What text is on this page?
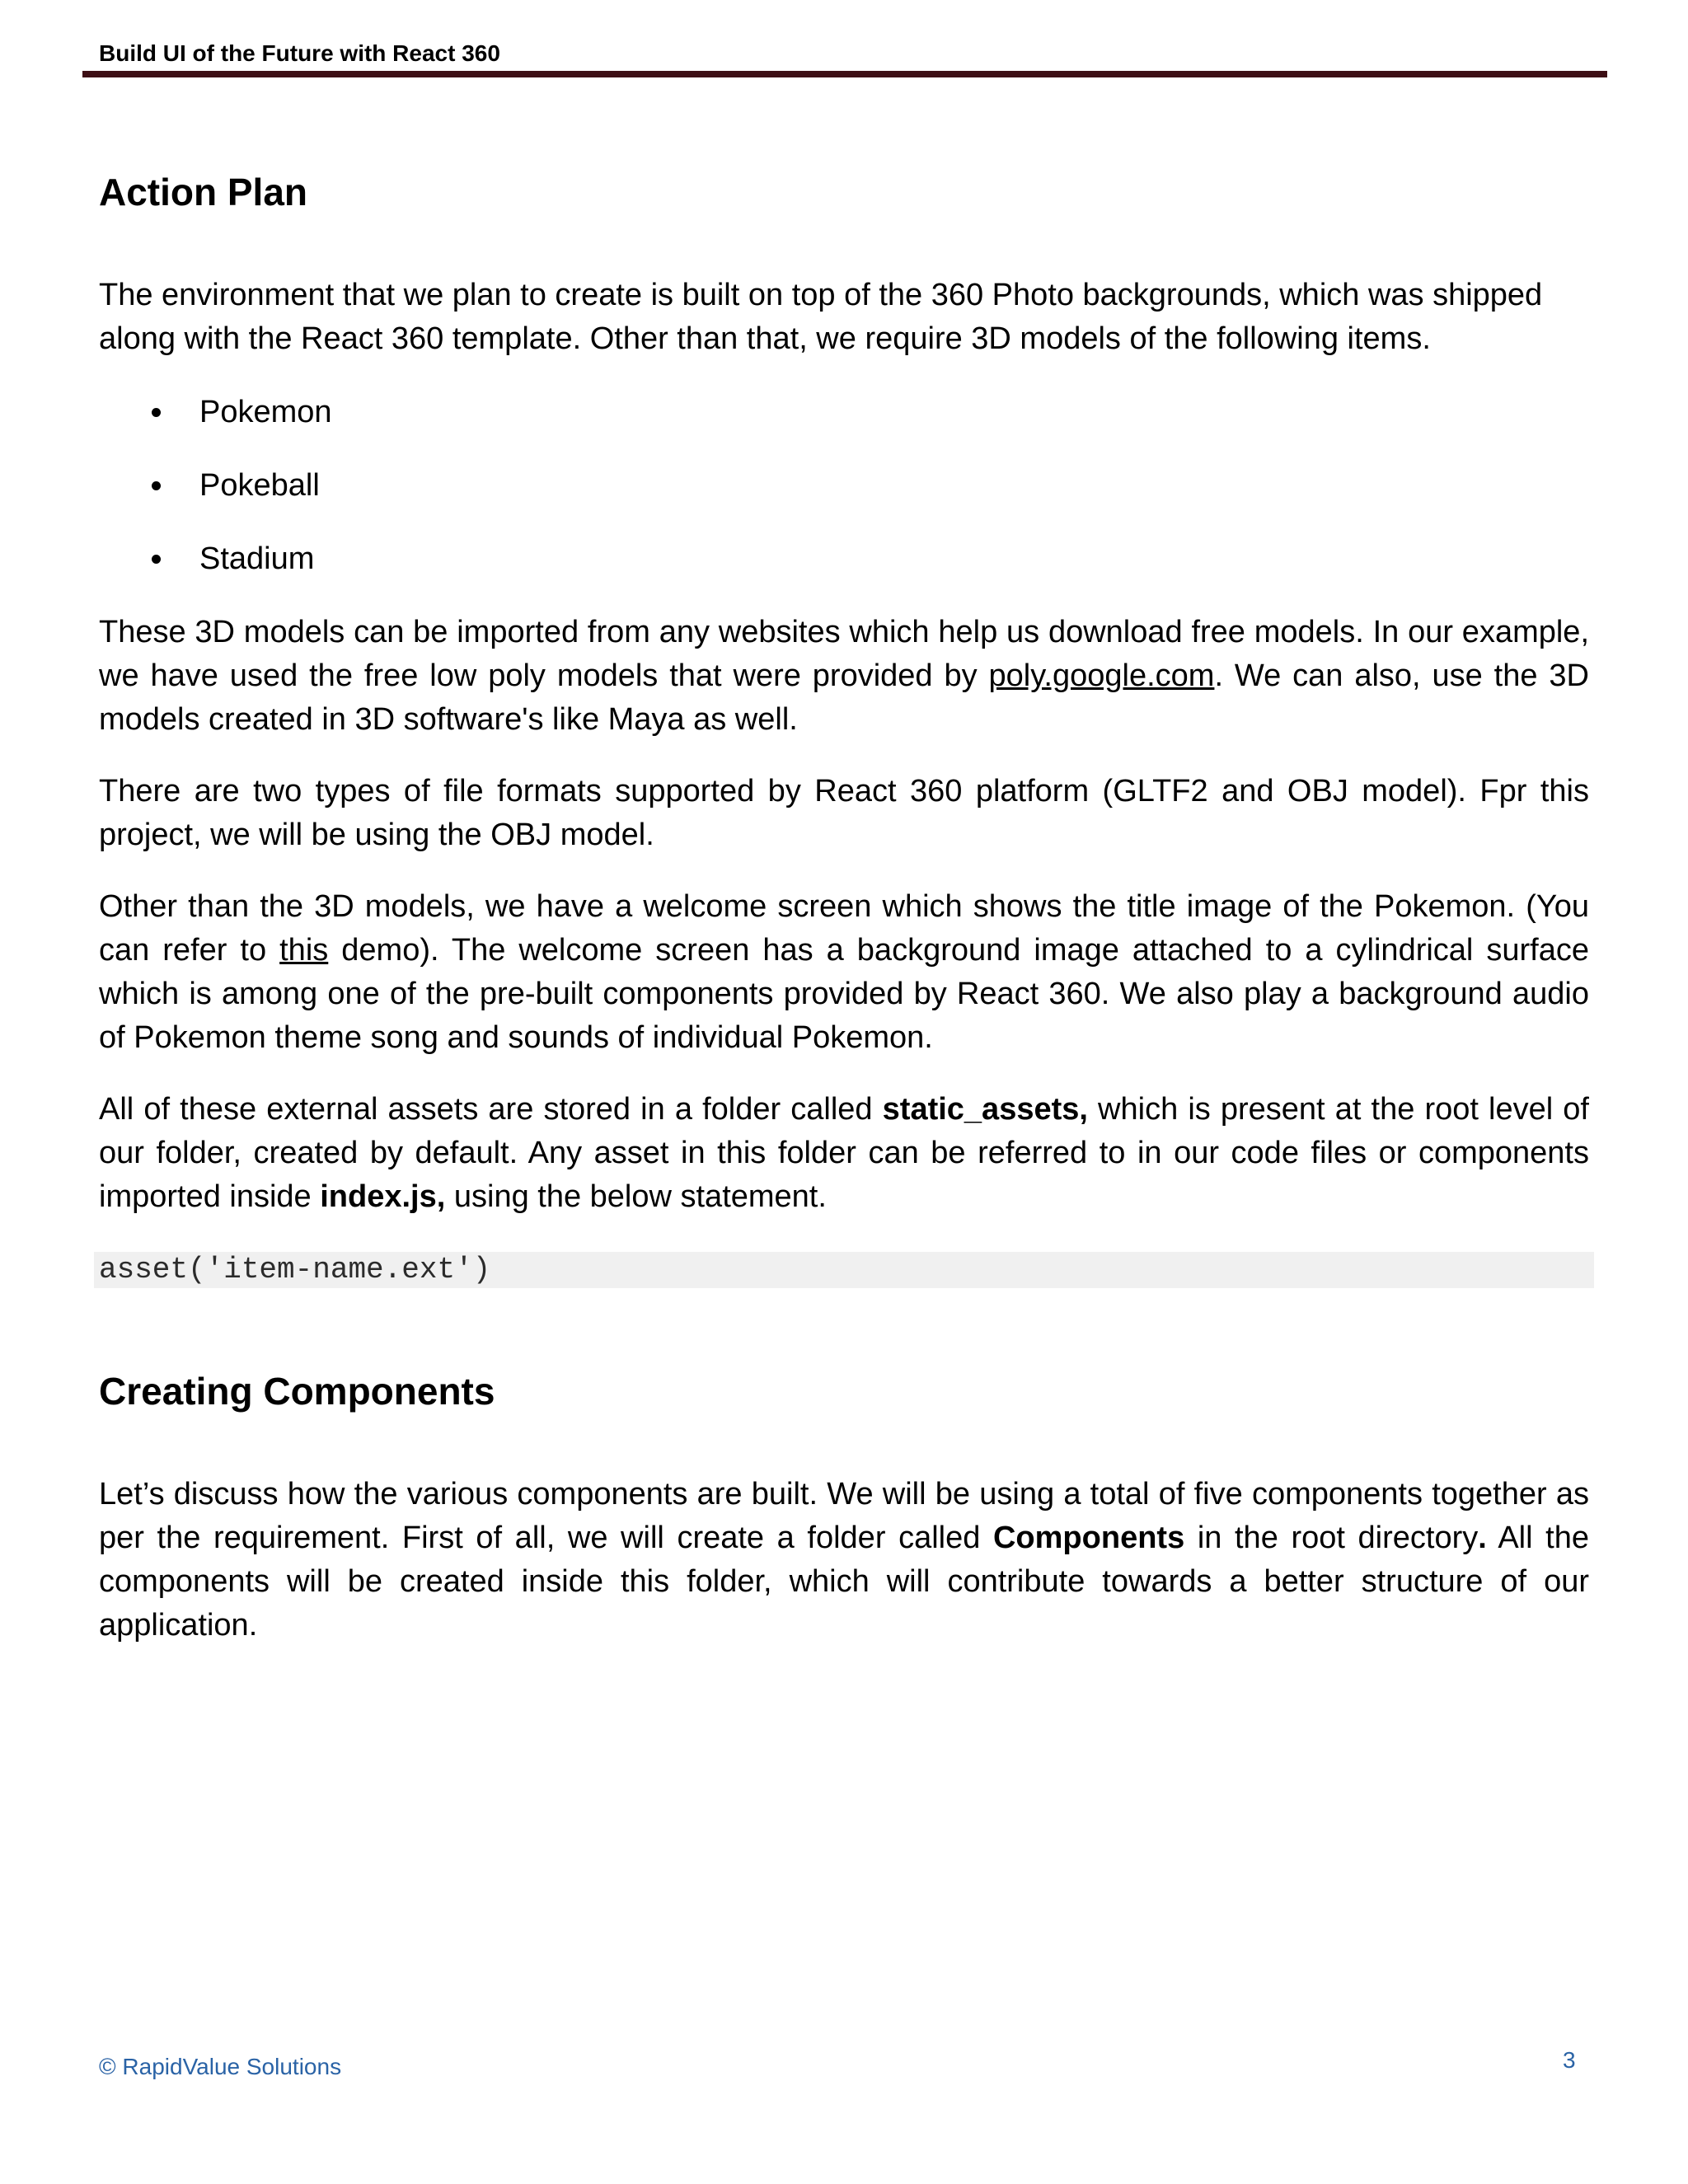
Build UI of the Future with React 360
Action Plan

The environment that we plan to create is built on top of the 360 Photo backgrounds, which was shipped along with the React 360 template. Other than that, we require 3D models of the following items.

Pokemon
Pokeball
Stadium

These 3D models can be imported from any websites which help us download free models. In our example, we have used the free low poly models that were provided by poly.google.com. We can also, use the 3D models created in 3D software's like Maya as well.

There are two types of file formats supported by React 360 platform (GLTF2 and OBJ model). Fpr this project, we will be using the OBJ model.

Other than the 3D models, we have a welcome screen which shows the title image of the Pokemon. (You can refer to this demo). The welcome screen has a background image attached to a cylindrical surface which is among one of the pre-built components provided by React 360. We also play a background audio of Pokemon theme song and sounds of individual Pokemon.

All of these external assets are stored in a folder called static_assets, which is present at the root level of our folder, created by default. Any asset in this folder can be referred to in our code files or components imported inside index.js, using the below statement.

asset('item-name.ext')
Creating Components

Let’s discuss how the various components are built. We will be using a total of five components together as per the requirement. First of all, we will create a folder called Components in the root directory. All the components will be created inside this folder, which will contribute towards a better structure of our application.

© RapidValue Solutions	3
